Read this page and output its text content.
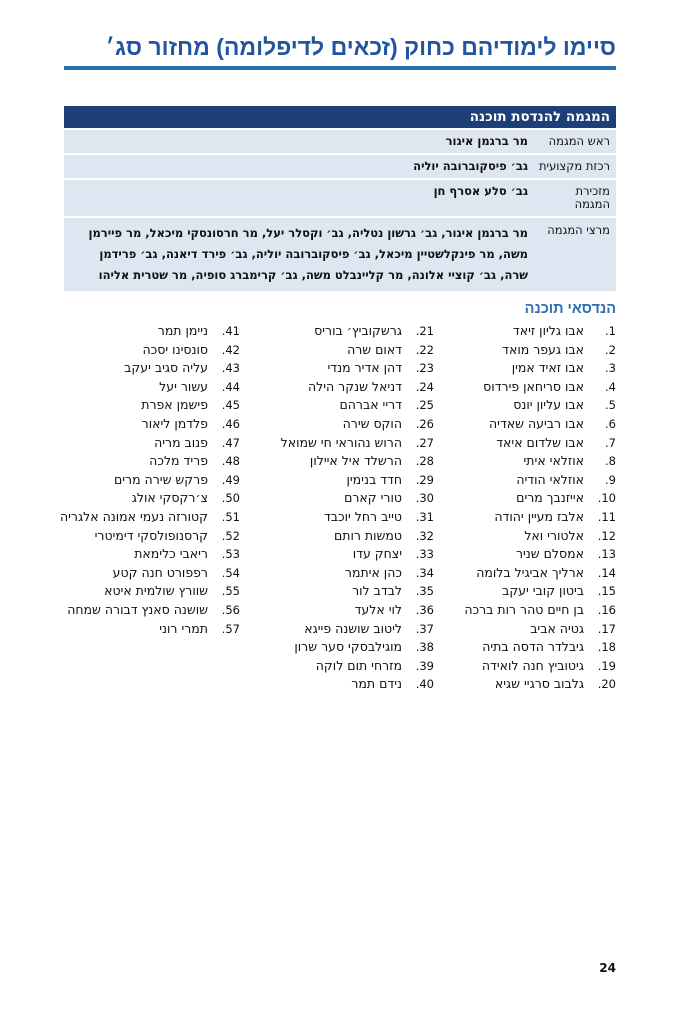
סיימו לימודיהם כחוק (זכאים לדיפלומה) מחזור סג׳
המגמה להנדסת תוכנה
ראש המגמה
מר ברגמן איגור
רכזת מקצועית
גב׳ פיסקוברובה יוליה
מזכירת המגמה
גב׳ סלע אסרף חן
מרצי המגמה
מר ברגמן איגור, גב׳ גרשון נטליה, גב׳ וקסלר יעל, מר חרסונסקי מיכאל, מר פיירמן משה, מר פינקלשטיין מיכאל, גב׳ פיסקוברובה יוליה, גב׳ פירד דיאנה, גב׳ פרידמן שרה, גב׳ קוציי אלונה, מר קליינבלט משה, גב׳ קרימברג סופיה, מר שטרית אליהו
הנדסאי תוכנה
1.
אבו גליון זיאד
2.
אבו געפר מואד
3.
אבו זאיד אמין
4.
אבו סריחאן פירדוס
5.
אבו עליון יונס
6.
אבו רביעה שאדיה
7.
אבו שלדום איאד
8.
אוזלאי איתי
9.
אוזלאי הודיה
10.
אייזנבך מרים
11.
אלבז מעיין יהודה
12.
אלטורי ואל
13.
אמסלם שניר
14.
ארליך אביגיל בלומה
15.
ביטון קובי יעקב
16.
בן חיים טהר רות ברכה
17.
גטיה אביב
18.
גיבלדר הדסה בתיה
19.
גיטוביץ חנה לואידה
20.
גלבוב סרגיי שגיא
21.
גרשקוביץ׳ בוריס
22.
דאום שרה
23.
דהן אדיר מנדי
24.
דניאל שנקר הילה
25.
דריי אברהם
26.
הוקס שירה
27.
הרוש נהוראי חי שמואל
28.
הרשלד איל איילון
29.
חדד בנימין
30.
טורי קארם
31.
טייב רחל יוכבד
32.
טמשות רותם
33.
יצחק עדו
34.
כהן איתמר
35.
לבדב לור
36.
לוי אלעד
37.
ליטוב שושנה פייגא
38.
מוגילבסקי סער שרון
39.
מזרחי תום לוקה
40.
נידם תמר
41.
ניימן תמר
42.
סונסינו יסכה
43.
עליה סגיב יעקב
44.
עשור יעל
45.
פישמן אפרת
46.
פלדמן ליאור
47.
פנוב מריה
48.
פריד מלכה
49.
פרקש שירה מרים
50.
צ׳רקסקי אולג
51.
קטורזה נעמי אמונה אלגריה
52.
קרסנופולסקי דימיטרי
53.
ריאבי כלימאת
54.
רפפורט חנה קטע
55.
שוורץ שולמית איטא
56.
שושנה סאנץ דבורה שמחה
57.
תמרי רוני
24
